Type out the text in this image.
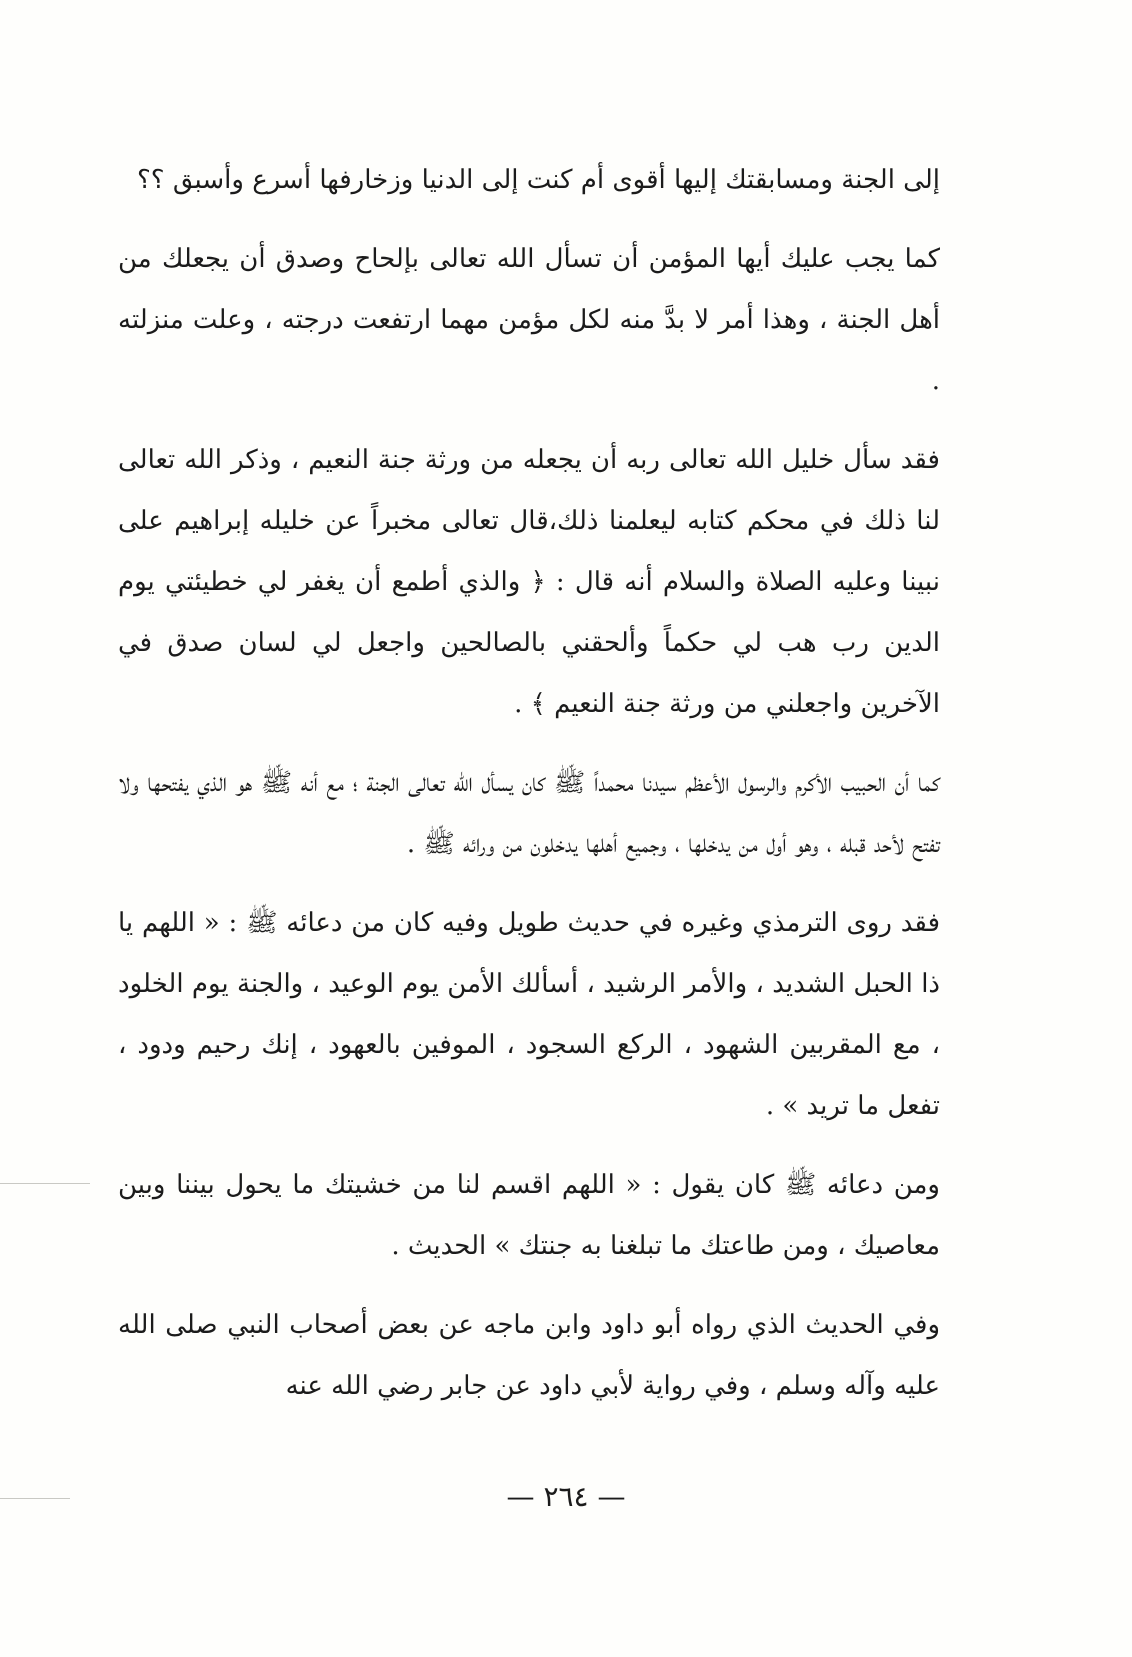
إلى الجنة ومسابقتك إليها أقوى أم كنت إلى الدنيا وزخارفها أسرع وأسبق ؟؟

كما يجب عليك أيها المؤمن أن تسأل الله تعالى بإلحاح وصدق أن يجعلك من أهل الجنة ، وهذا أمر لا بدَّ منه لكل مؤمن مهما ارتفعت درجته ، وعلت منزلته .

فقد سأل خليل الله تعالى ربه أن يجعله من ورثة جنة النعيم ، وذكر الله تعالى لنا ذلك في محكم كتابه ليعلمنا ذلك،قال تعالى مخبراً عن خليله إبراهيم على نبينا وعليه الصلاة والسلام أنه قال : ﴿ والذي أطمع أن يغفر لي خطيئتي يوم الدين رب هب لي حكماً وألحقني بالصالحين واجعل لي لسان صدق في الآخرين واجعلني من ورثة جنة النعيم ﴾ .

كما أن الحبيب الأكرم والرسول الأعظم سيدنا محمداً ﷺ كان يسأل الله تعالى الجنة ؛ مع أنه ﷺ هو الذي يفتحها ولا تفتح لأحد قبله ، وهو أول من يدخلها ، وجميع أهلها يدخلون من ورائه ﷺ .

فقد روى الترمذي وغيره في حديث طويل وفيه كان من دعائه ﷺ : « اللهم يا ذا الحبل الشديد ، والأمر الرشيد ، أسألك الأمن يوم الوعيد ، والجنة يوم الخلود ، مع المقربين الشهود ، الركع السجود ، الموفين بالعهود ، إنك رحيم ودود ، تفعل ما تريد » .

ومن دعائه ﷺ كان يقول : « اللهم اقسم لنا من خشيتك ما يحول بيننا وبين معاصيك ، ومن طاعتك ما تبلغنا به جنتك » الحديث .

وفي الحديث الذي رواه أبو داود وابن ماجه عن بعض أصحاب النبي صلى الله عليه وآله وسلم ، وفي رواية لأبي داود عن جابر رضي الله عنه

— ٢٦٤ —
